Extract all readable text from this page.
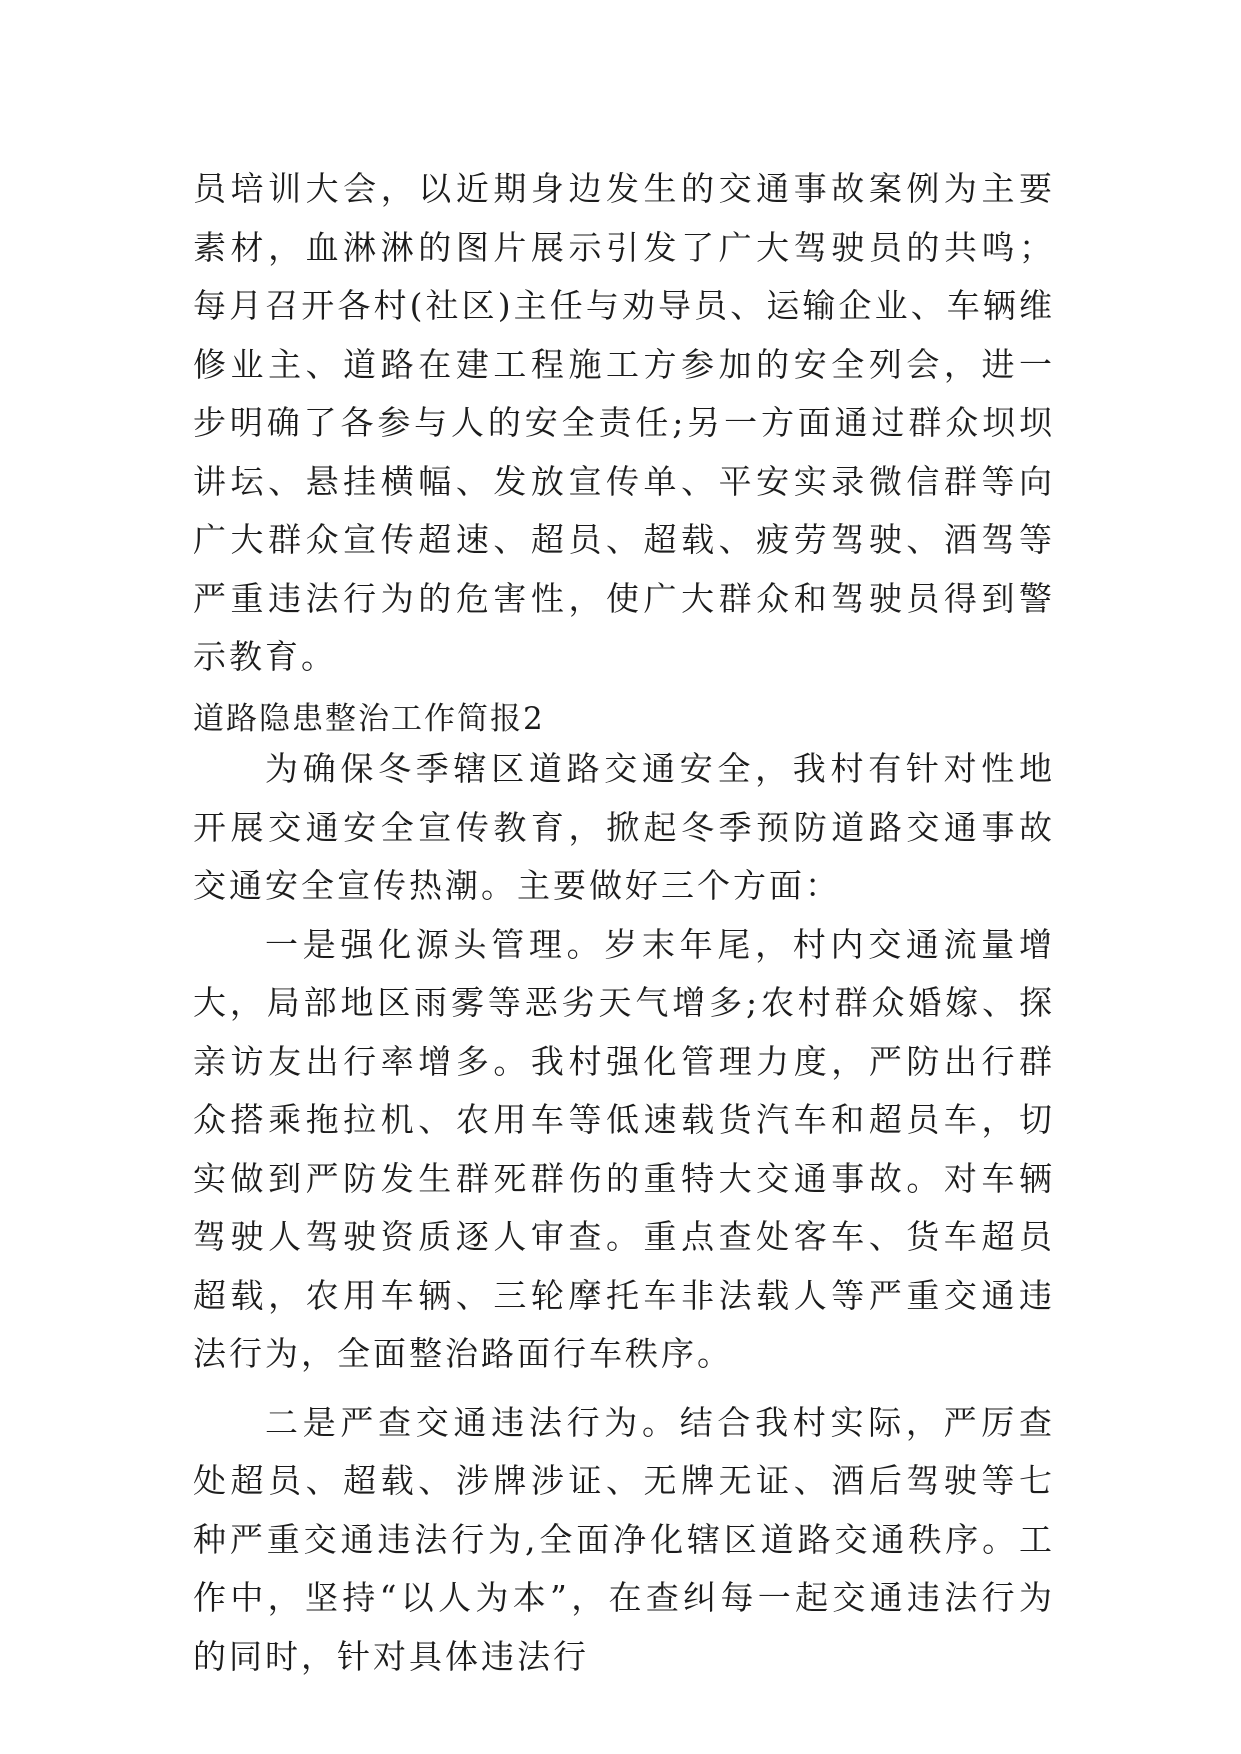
员培训大会，以近期身边发生的交通事故案例为主要素材，血淋淋的图片展示引发了广大驾驶员的共鸣；每月召开各村(社区)主任与劝导员、运输企业、车辆维修业主、道路在建工程施工方参加的安全列会，进一步明确了各参与人的安全责任;另一方面通过群众坝坝讲坛、悬挂横幅、发放宣传单、平安实录微信群等向广大群众宣传超速、超员、超载、疲劳驾驶、酒驾等严重违法行为的危害性，使广大群众和驾驶员得到警示教育。

道路隐患整治工作简报2

为确保冬季辖区道路交通安全，我村有针对性地开展交通安全宣传教育，掀起冬季预防道路交通事故交通安全宣传热潮。主要做好三个方面：

一是强化源头管理。岁末年尾，村内交通流量增大，局部地区雨雾等恶劣天气增多;农村群众婚嫁、探亲访友出行率增多。我村强化管理力度，严防出行群众搭乘拖拉机、农用车等低速载货汽车和超员车，切实做到严防发生群死群伤的重特大交通事故。对车辆驾驶人驾驶资质逐人审查。重点查处客车、货车超员超载，农用车辆、三轮摩托车非法载人等严重交通违法行为，全面整治路面行车秩序。

二是严查交通违法行为。结合我村实际，严厉查处超员、超载、涉牌涉证、无牌无证、酒后驾驶等七种严重交通违法行为,全面净化辖区道路交通秩序。工作中，坚持“以人为本”，在查纠每一起交通违法行为的同时，针对具体违法行
